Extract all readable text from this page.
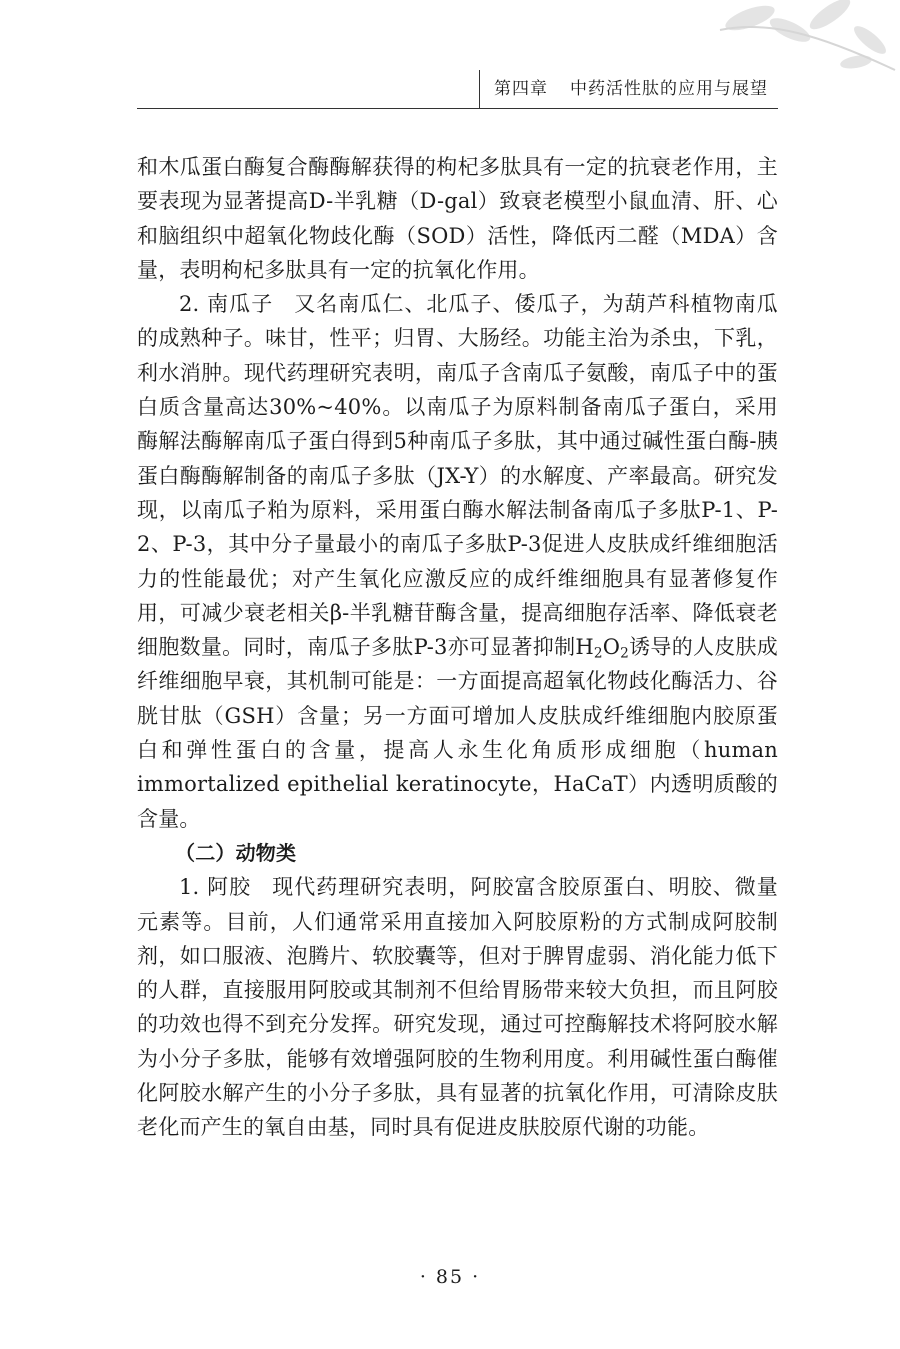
第四章 中药活性肽的应用与展望

和木瓜蛋白酶复合酶酶解获得的枸杞多肽具有一定的抗衰老作用，主要表现为显著提高D-半乳糖（D-gal）致衰老模型小鼠血清、肝、心和脑组织中超氧化物歧化酶（SOD）活性，降低丙二醛（MDA）含量，表明枸杞多肽具有一定的抗氧化作用。

2. 南瓜子 又名南瓜仁、北瓜子、倭瓜子，为葫芦科植物南瓜的成熟种子。味甘，性平；归胃、大肠经。功能主治为杀虫，下乳，利水消肿。现代药理研究表明，南瓜子含南瓜子氨酸，南瓜子中的蛋白质含量高达30%~40%。以南瓜子为原料制备南瓜子蛋白，采用酶解法酶解南瓜子蛋白得到5种南瓜子多肽，其中通过碱性蛋白酶-胰蛋白酶酶解制备的南瓜子多肽（JX-Y）的水解度、产率最高。研究发现，以南瓜子粕为原料，采用蛋白酶水解法制备南瓜子多肽P-1、P-2、P-3，其中分子量最小的南瓜子多肽P-3促进人皮肤成纤维细胞活力的性能最优；对产生氧化应激反应的成纤维细胞具有显著修复作用，可减少衰老相关β-半乳糖苷酶含量，提高细胞存活率、降低衰老细胞数量。同时，南瓜子多肽P-3亦可显著抑制$H_2O_2$诱导的人皮肤成纤维细胞早衰，其机制可能是：一方面提高超氧化物歧化酶活力、谷胱甘肽（GSH）含量；另一方面可增加人皮肤成纤维细胞内胶原蛋白和弹性蛋白的含量，提高人永生化角质形成细胞（human immortalized epithelial keratinocyte，HaCaT）内透明质酸的含量。

（二）动物类

1. 阿胶 现代药理研究表明，阿胶富含胶原蛋白、明胶、微量元素等。目前，人们通常采用直接加入阿胶原粉的方式制成阿胶制剂，如口服液、泡腾片、软胶囊等，但对于脾胃虚弱、消化能力低下的人群，直接服用阿胶或其制剂不但给胃肠带来较大负担，而且阿胶的功效也得不到充分发挥。研究发现，通过可控酶解技术将阿胶水解为小分子多肽，能够有效增强阿胶的生物利用度。利用碱性蛋白酶催化阿胶水解产生的小分子多肽，具有显著的抗氧化作用，可清除皮肤老化而产生的氧自由基，同时具有促进皮肤胶原代谢的功能。

· 85 ·
